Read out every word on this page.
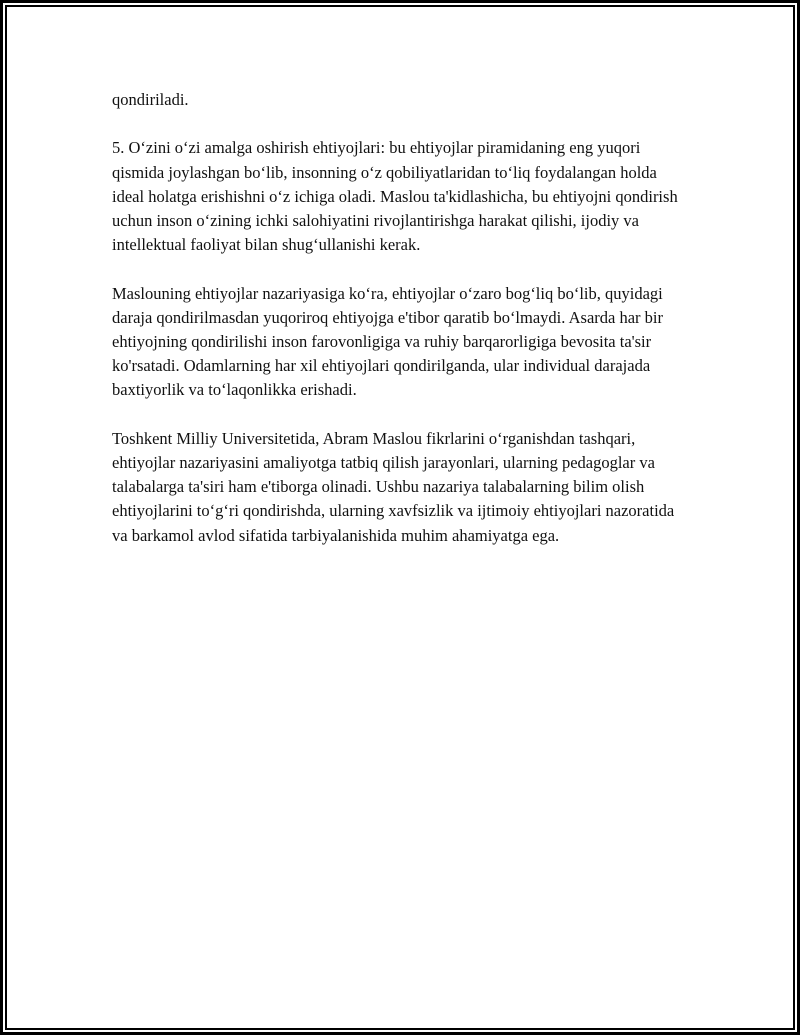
qondiriladi.

5. O‘zini o‘zi amalga oshirish ehtiyojlari: bu ehtiyojlar piramidaning eng yuqori qismida joylashgan bo‘lib, insonning o‘z qobiliyatlaridan to‘liq foydalangan holda ideal holatga erishishni o‘z ichiga oladi. Maslou ta'kidlashicha, bu ehtiyojni qondirish uchun inson o‘zining ichki salohiyatini rivojlantirishga harakat qilishi, ijodiy va intellektual faoliyat bilan shug‘ullanishi kerak.

Maslouning ehtiyojlar nazariyasiga ko‘ra, ehtiyojlar o‘zaro bog‘liq bo‘lib, quyidagi daraja qondirilmasdan yuqoriroq ehtiyojga e'tibor qaratib bo‘lmaydi. Asarda har bir ehtiyojning qondirilishi inson farovonligiga va ruhiy barqarorligiga bevosita ta'sir ko'rsatadi. Odamlarning har xil ehtiyojlari qondirilganda, ular individual darajada baxtiyorlik va to‘laqonlikka erishadi.

Toshkent Milliy Universitetida, Abram Maslou fikrlarini o‘rganishdan tashqari, ehtiyojlar nazariyasini amaliyotga tatbiq qilish jarayonlari, ularning pedagoglar va talabalarga ta'siri ham e'tiborga olinadi. Ushbu nazariya talabalarning bilim olish ehtiyojlarini to‘g‘ri qondirishda, ularning xavfsizlik va ijtimoiy ehtiyojlari nazoratida va barkamol avlod sifatida tarbiyalanishida muhim ahamiyatga ega.
